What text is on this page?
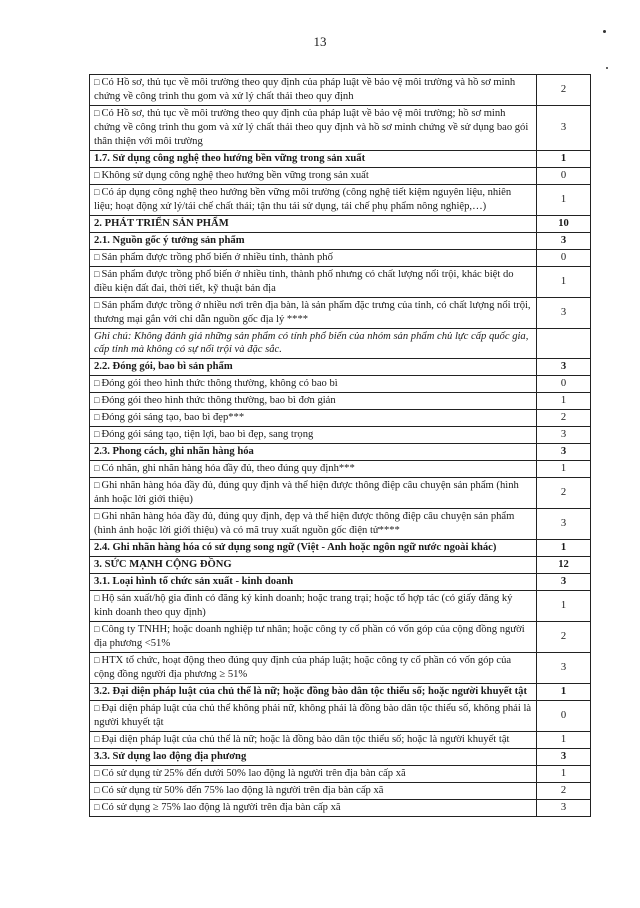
13
□ Có Hồ sơ, thủ tục về môi trường theo quy định của pháp luật về bảo vệ môi trường và hồ sơ minh chứng về công trình thu gom và xử lý chất thải theo quy định	2
□ Có Hồ sơ, thủ tục về môi trường theo quy định của pháp luật về bảo vệ môi trường; hồ sơ minh chứng về công trình thu gom và xử lý chất thải theo quy định và hồ sơ minh chứng về sử dụng bao gói thân thiện với môi trường	3
1.7. Sử dụng công nghệ theo hướng bền vững trong sản xuất	1
□ Không sử dụng công nghệ theo hướng bền vững trong sản xuất	0
□ Có áp dụng công nghệ theo hướng bền vững môi trường (công nghệ tiết kiệm nguyên liệu, nhiên liệu; hoạt động xử lý/tái chế chất thải; tận thu tái sử dụng, tái chế phụ phẩm nông nghiệp,…)	1
2. PHÁT TRIỂN SẢN PHẨM	10
2.1. Nguồn gốc ý tưởng sản phẩm	3
□ Sản phẩm được trồng phổ biến ở nhiều tỉnh, thành phố	0
□ Sản phẩm được trồng phổ biến ở nhiều tỉnh, thành phố nhưng có chất lượng nổi trội, khác biệt do điều kiện đất đai, thời tiết, kỹ thuật bản địa	1
□ Sản phẩm được trồng ở nhiều nơi trên địa bàn, là sản phẩm đặc trưng của tỉnh, có chất lượng nổi trội, thương mại gắn với chỉ dẫn nguồn gốc địa lý ****	3
Ghi chú: Không đánh giá những sản phẩm có tính phổ biến của nhóm sản phẩm chủ lực cấp quốc gia, cấp tỉnh mà không có sự nổi trội và đặc sắc.	
2.2. Đóng gói, bao bì sản phẩm	3
□ Đóng gói theo hình thức thông thường, không có bao bì	0
□ Đóng gói theo hình thức thông thường, bao bì đơn giản	1
□ Đóng gói sáng tạo, bao bì đẹp***	2
□ Đóng gói sáng tạo, tiện lợi, bao bì đẹp, sang trọng	3
2.3. Phong cách, ghi nhãn hàng hóa	3
□ Có nhãn, ghi nhãn hàng hóa đầy đủ, theo đúng quy định***	1
□ Ghi nhãn hàng hóa đầy đủ, đúng quy định và thể hiện được thông điệp câu chuyện sản phẩm (hình ảnh hoặc lời giới thiệu)	2
□ Ghi nhãn hàng hóa đầy đủ, đúng quy định, đẹp và thể hiện được thông điệp câu chuyện sản phẩm (hình ảnh hoặc lời giới thiệu) và có mã truy xuất nguồn gốc điện tử****	3
2.4. Ghi nhãn hàng hóa có sử dụng song ngữ (Việt - Anh hoặc ngôn ngữ nước ngoài khác)	1
3. SỨC MẠNH CỘNG ĐỒNG	12
3.1. Loại hình tổ chức sản xuất - kinh doanh	3
□ Hộ sản xuất/hộ gia đình có đăng ký kinh doanh; hoặc trang trại; hoặc tổ hợp tác (có giấy đăng ký kinh doanh theo quy định)	1
□ Công ty TNHH; hoặc doanh nghiệp tư nhân; hoặc công ty cổ phần có vốn góp của cộng đồng người địa phương <51%	2
□ HTX tổ chức, hoạt động theo đúng quy định của pháp luật; hoặc công ty cổ phần có vốn góp của cộng đồng người địa phương ≥ 51%	3
3.2. Đại diện pháp luật của chủ thể là nữ; hoặc đồng bào dân tộc thiểu số; hoặc người khuyết tật	1
□ Đại diện pháp luật của chủ thể không phải nữ, không phải là đồng bào dân tộc thiểu số, không phải là người khuyết tật	0
□ Đại diện pháp luật của chủ thể là nữ; hoặc là đồng bào dân tộc thiểu số; hoặc là người khuyết tật	1
3.3. Sử dụng lao động địa phương	3
□ Có sử dụng từ 25% đến dưới 50% lao động là người trên địa bàn cấp xã	1
□ Có sử dụng từ 50% đến 75% lao động là người trên địa bàn cấp xã	2
□ Có sử dụng ≥ 75% lao động là người trên địa bàn cấp xã	3
